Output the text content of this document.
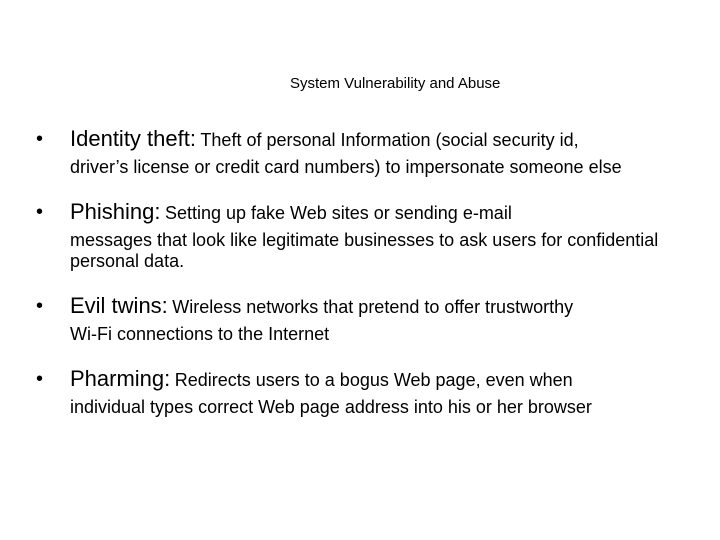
System Vulnerability and Abuse
• Identity theft: Theft of personal Information (social security id,
driver’s license or credit card numbers) to impersonate someone else
• Phishing: Setting up fake Web sites or sending e-mail
messages that look like legitimate businesses to ask users for confidential personal data.
• Evil twins: Wireless networks that pretend to offer trustworthy
Wi-Fi connections to the Internet
• Pharming: Redirects users to a bogus Web page, even when
individual types correct Web page address into his or her browser
